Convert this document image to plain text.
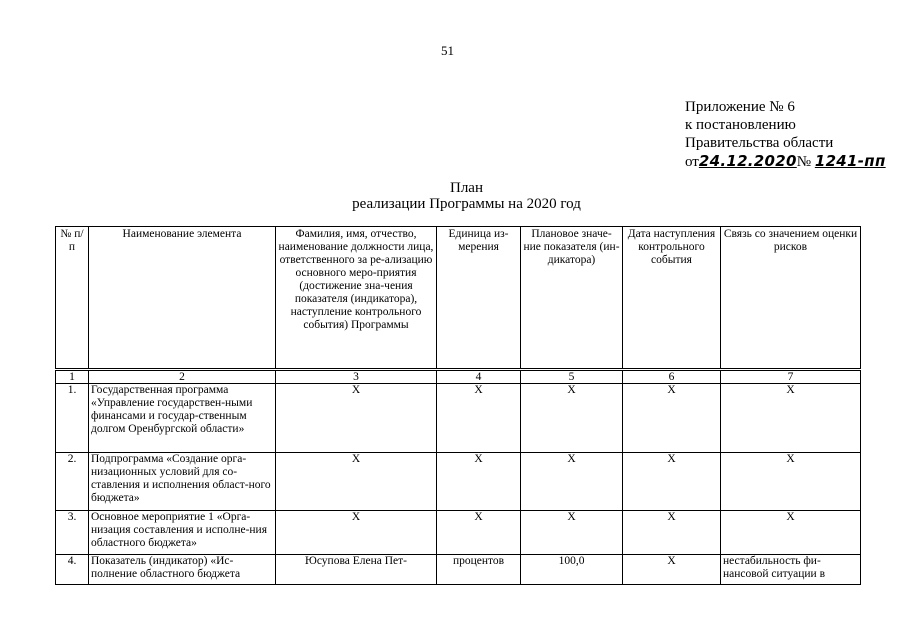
51
Приложение № 6
к постановлению
Правительства области
от24.12.2020№ 1241-пп
План
реализации Программы на 2020 год
№ п/п	Наименование элемента	Фамилия, имя, отчество, наименование должности лица, ответственного за ре-ализацию основного меро-приятия (достижение зна-чения показателя (индикатора), наступление контрольного события) Программы	Единица из-мерения	Плановое значе-ние показателя (ин-дикатора)	Дата наступления контрольного события	Связь со значением оценки рисков
1	2	3	4	5	6	7
1.	Государственная программа «Управление государствен-ными финансами и государ-ственным долгом Оренбургской области»	X	X	X	X	X
2.	Подпрограмма «Создание орга-низационных условий для со-ставления и исполнения област-ного бюджета»	X	X	X	X	X
3.	Основное мероприятие 1 «Орга-низация составления и исполне-ния областного бюджета»	X	X	X	X	X
4.	Показатель (индикатор) «Ис-полнение областного бюджета	Юсупова Елена Пет-	процентов	100,0	X	нестабильность фи-нансовой ситуации в
